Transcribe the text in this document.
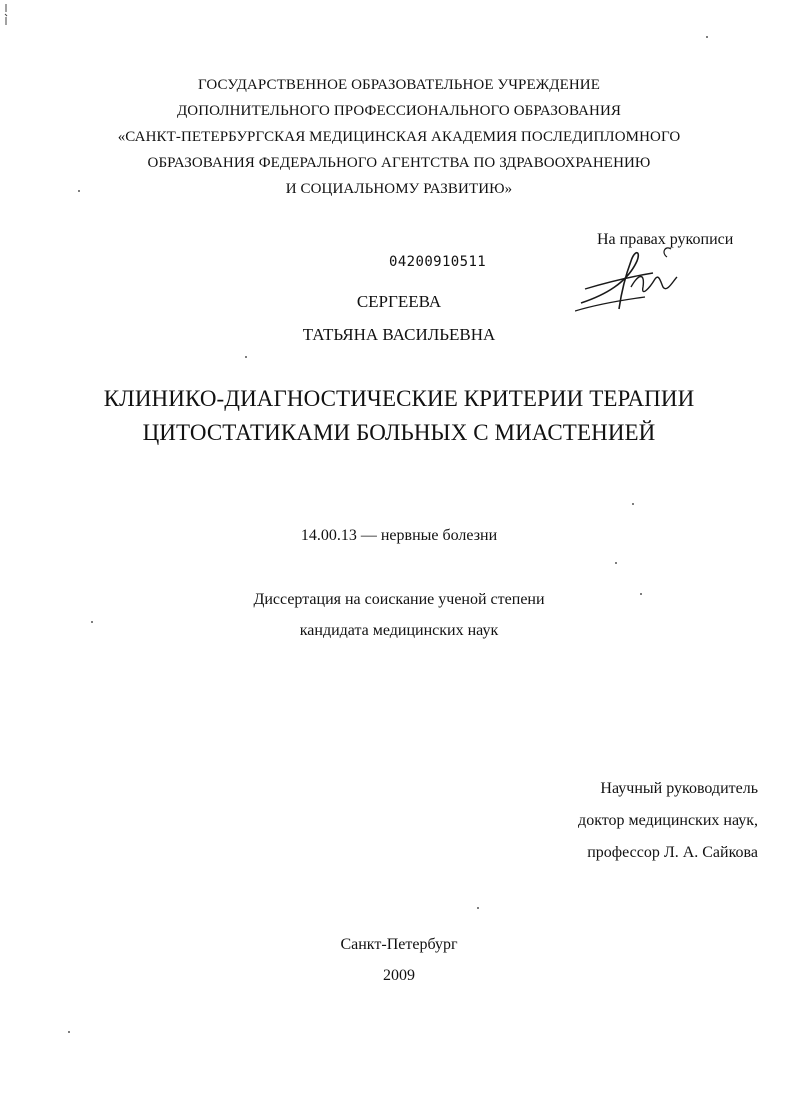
ГОСУДАРСТВЕННОЕ ОБРАЗОВАТЕЛЬНОЕ УЧРЕЖДЕНИЕ
ДОПОЛНИТЕЛЬНОГО ПРОФЕССИОНАЛЬНОГО ОБРАЗОВАНИЯ
«САНКТ-ПЕТЕРБУРГСКАЯ МЕДИЦИНСКАЯ АКАДЕМИЯ ПОСЛЕДИПЛОМНОГО
ОБРАЗОВАНИЯ ФЕДЕРАЛЬНОГО АГЕНТСТВА ПО ЗДРАВООХРАНЕНИЮ
И СОЦИАЛЬНОМУ РАЗВИТИЮ»
На правах рукописи
04200910511
СЕРГЕЕВА
ТАТЬЯНА ВАСИЛЬЕВНА
КЛИНИКО-ДИАГНОСТИЧЕСКИЕ КРИТЕРИИ ТЕРАПИИ
ЦИТОСТАТИКАМИ БОЛЬНЫХ С МИАСТЕНИЕЙ
14.00.13 — нервные болезни
Диссертация на соискание ученой степени
кандидата медицинских наук
Научный руководитель
доктор медицинских наук,
профессор Л. А. Сайкова
Санкт-Петербург
2009
